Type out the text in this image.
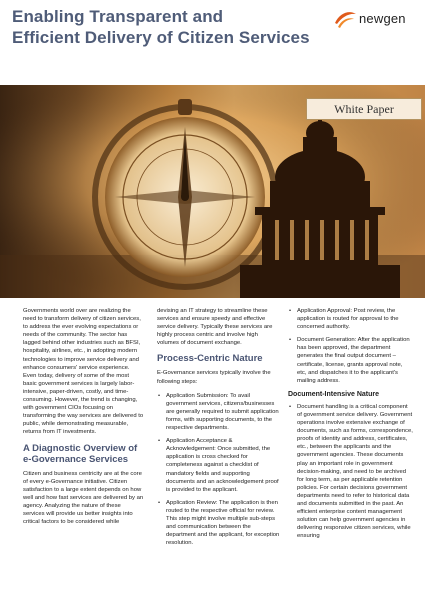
Enabling Transparent and
Efficient Delivery of Citizen Services
newgen
White Paper

Governments world over are realizing the need to transform delivery of citizen services, to address the ever evolving expectations or needs of the community. The sector has lagged behind other industries such as BFSI, hospitality, airlines, etc., in adopting modern technologies to improve service delivery and enhance consumers' service experience. Even today, delivery of some of the most basic government services is largely labor-intensive, paper-driven, costly, and time-consuming. However, the trend is changing, with government CIOs focusing on transforming the way services are delivered to public, while demonstrating measurable, returns from IT investments.

A Diagnostic Overview of e-Governance Services

Citizen and business centricity are at the core of every e-Governance initiative. Citizen satisfaction to a large extent depends on how well and how fast services are delivered by an agency. Analyzing the nature of these services will provide us better insights into critical factors to be considered while

devising an IT strategy to streamline these services and ensure speedy and effective service delivery. Typically these services are highly process centric and involve high volumes of document exchange.

Process-Centric Nature

E-Governance services typically involve the following steps:

• Application Submission: To avail government services, citizens/businesses are generally required to submit application forms, with supporting documents, to the respective departments.
• Application Acceptance & Acknowledgement: Once submitted, the application is cross checked for completeness against a checklist of mandatory fields and supporting documents and an acknowledgement proof is provided to the applicant.
• Application Review: The application is then routed to the respective official for review. This step might involve multiple sub-steps and communication between the department and the applicant, for exception resolution.
• Application Approval: Post review, the application is routed for approval to the concerned authority.
• Document Generation: After the application has been approved, the department generates the final output document – certificate, license, grants approval note, etc, and dispatches it to the applicant's mailing address.
Document-Intensive Nature
• Document handling is a critical component of government service delivery. Government operations involve extensive exchange of documents, such as forms, correspondence, proofs of identity and address, certificates, etc., between the applicants and the government agencies. These documents play an important role in government decision-making, and need to be archived for long term, as per applicable retention policies. For certain decisions government departments need to refer to historical data and documents submitted in the past. An efficient enterprise content management solution can help government agencies in delivering responsive citizen services, while ensuring
